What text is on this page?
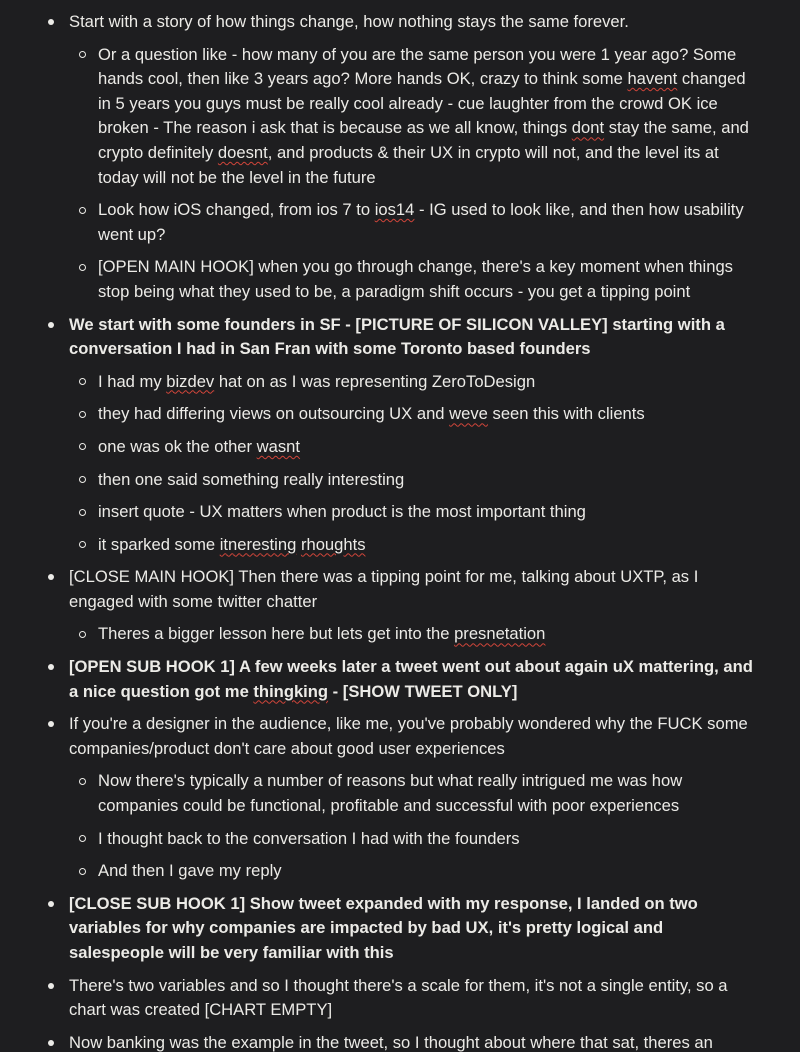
Start with a story of how things change, how nothing stays the same forever.
Or a question like - how many of you are the same person you were 1 year ago? Some hands cool, then like 3 years ago? More hands OK, crazy to think some havent changed in 5 years you guys must be really cool already - cue laughter from the crowd OK ice broken - The reason i ask that is because as we all know, things dont stay the same, and crypto definitely doesnt, and products & their UX in crypto will not, and the level its at today will not be the level in the future
Look how iOS changed, from ios 7 to ios14 - IG used to look like, and then how usability went up?
[OPEN MAIN HOOK] when you go through change, there's a key moment when things stop being what they used to be, a paradigm shift occurs - you get a tipping point
We start with some founders in SF - [PICTURE OF SILICON VALLEY] starting with a conversation I had in San Fran with some Toronto based founders
I had my bizdev hat on as I was representing ZeroToDesign
they had differing views on outsourcing UX and weve seen this with clients
one was ok the other wasnt
then one said something really interesting
insert quote - UX matters when product is the most important thing
it sparked some itneresting rhoughts
[CLOSE MAIN HOOK] Then there was a tipping point for me, talking about UXTP, as I engaged with some twitter chatter
Theres a bigger lesson here but lets get into the presnetation
[OPEN SUB HOOK 1] A few weeks later a tweet went out about again uX mattering, and a nice question got me thingking - [SHOW TWEET ONLY]
If you're a designer in the audience, like me, you've probably wondered why the FUCK some companies/product don't care about good user experiences
Now there's typically a number of reasons but what really intrigued me was how companies could be functional, profitable and successful with poor experiences
I thought back to the conversation I had with the founders
And then I gave my reply
[CLOSE SUB HOOK 1] Show tweet expanded with my response, I landed on two variables for why companies are impacted by bad UX, it's pretty logical and salespeople will be very familiar with this
There's two variables and so I thought there's a scale for them, it's not a single entity, so a chart was created [CHART EMPTY]
Now banking was the example in the tweet, so I thought about where that sat, theres an
